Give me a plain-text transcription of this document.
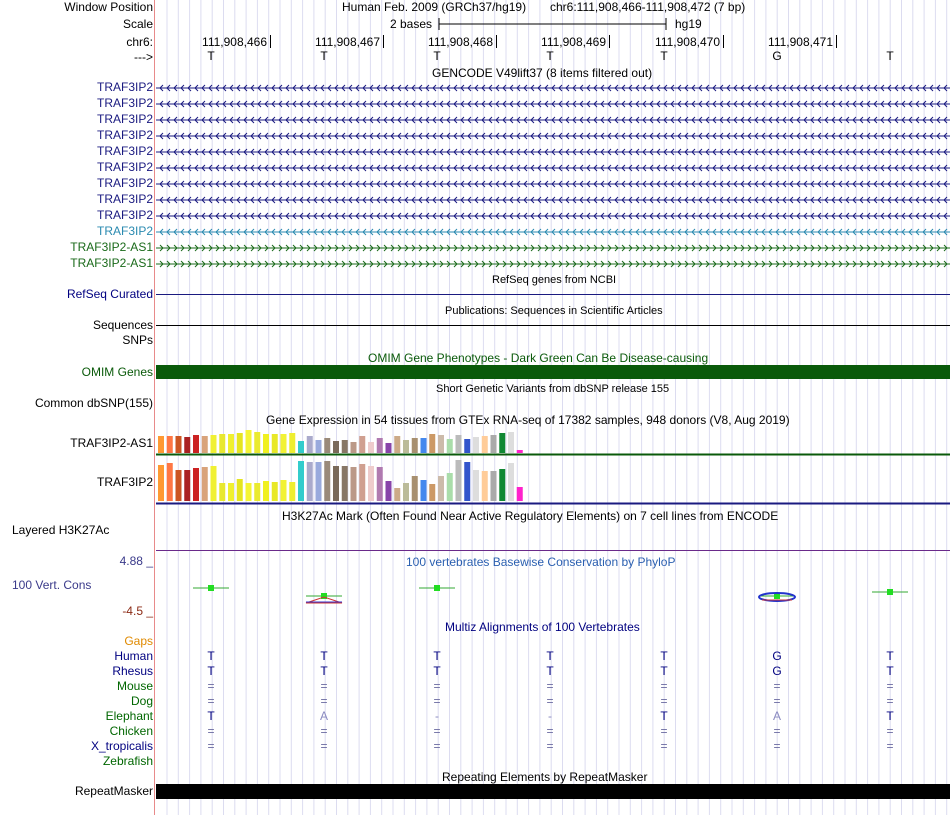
Window Position
Scale
chr6:
--->
Human Feb. 2009 (GRCh37/hg19) chr6:111,908,466-111,908,472 (7 bp)
2 bases	hg19
111,908,466	111,908,467	111,908,468	111,908,469	111,908,470	111,908,471
T	T	T	T	T	G	T
GENCODE V49lift37 (8 items filtered out)
TRAF3IP2
TRAF3IP2
TRAF3IP2
TRAF3IP2
TRAF3IP2
TRAF3IP2
TRAF3IP2
TRAF3IP2
TRAF3IP2
TRAF3IP2
TRAF3IP2-AS1
TRAF3IP2-AS1
RefSeq genes from NCBI
RefSeq Curated
Publications: Sequences in Scientific Articles
Sequences
SNPs
OMIM Gene Phenotypes - Dark Green Can Be Disease-causing
OMIM Genes
Short Genetic Variants from dbSNP release 155
Common dbSNP(155)
Gene Expression in 54 tissues from GTEx RNA-seq of 17382 samples, 948 donors (V8, Aug 2019)
TRAF3IP2-AS1
TRAF3IP2
H3K27Ac Mark (Often Found Near Active Regulatory Elements) on 7 cell lines from ENCODE
Layered H3K27Ac
100 vertebrates Basewise Conservation by PhyloP
4.88 _
100 Vert. Cons
-4.5 _
Multiz Alignments of 100 Vertebrates
Gaps
Human	T	T	T	T	T	G	T
Rhesus	T	T	T	T	T	G	T
Mouse	=	=	=	=	=	=	=
Dog	=	=	=	=	=	=	=
Elephant	T	A	-	-	T	A	T
Chicken	=	=	=	=	=	=	=
X_tropicalis	=	=	=	=	=	=	=
Zebrafish
Repeating Elements by RepeatMasker
RepeatMasker
